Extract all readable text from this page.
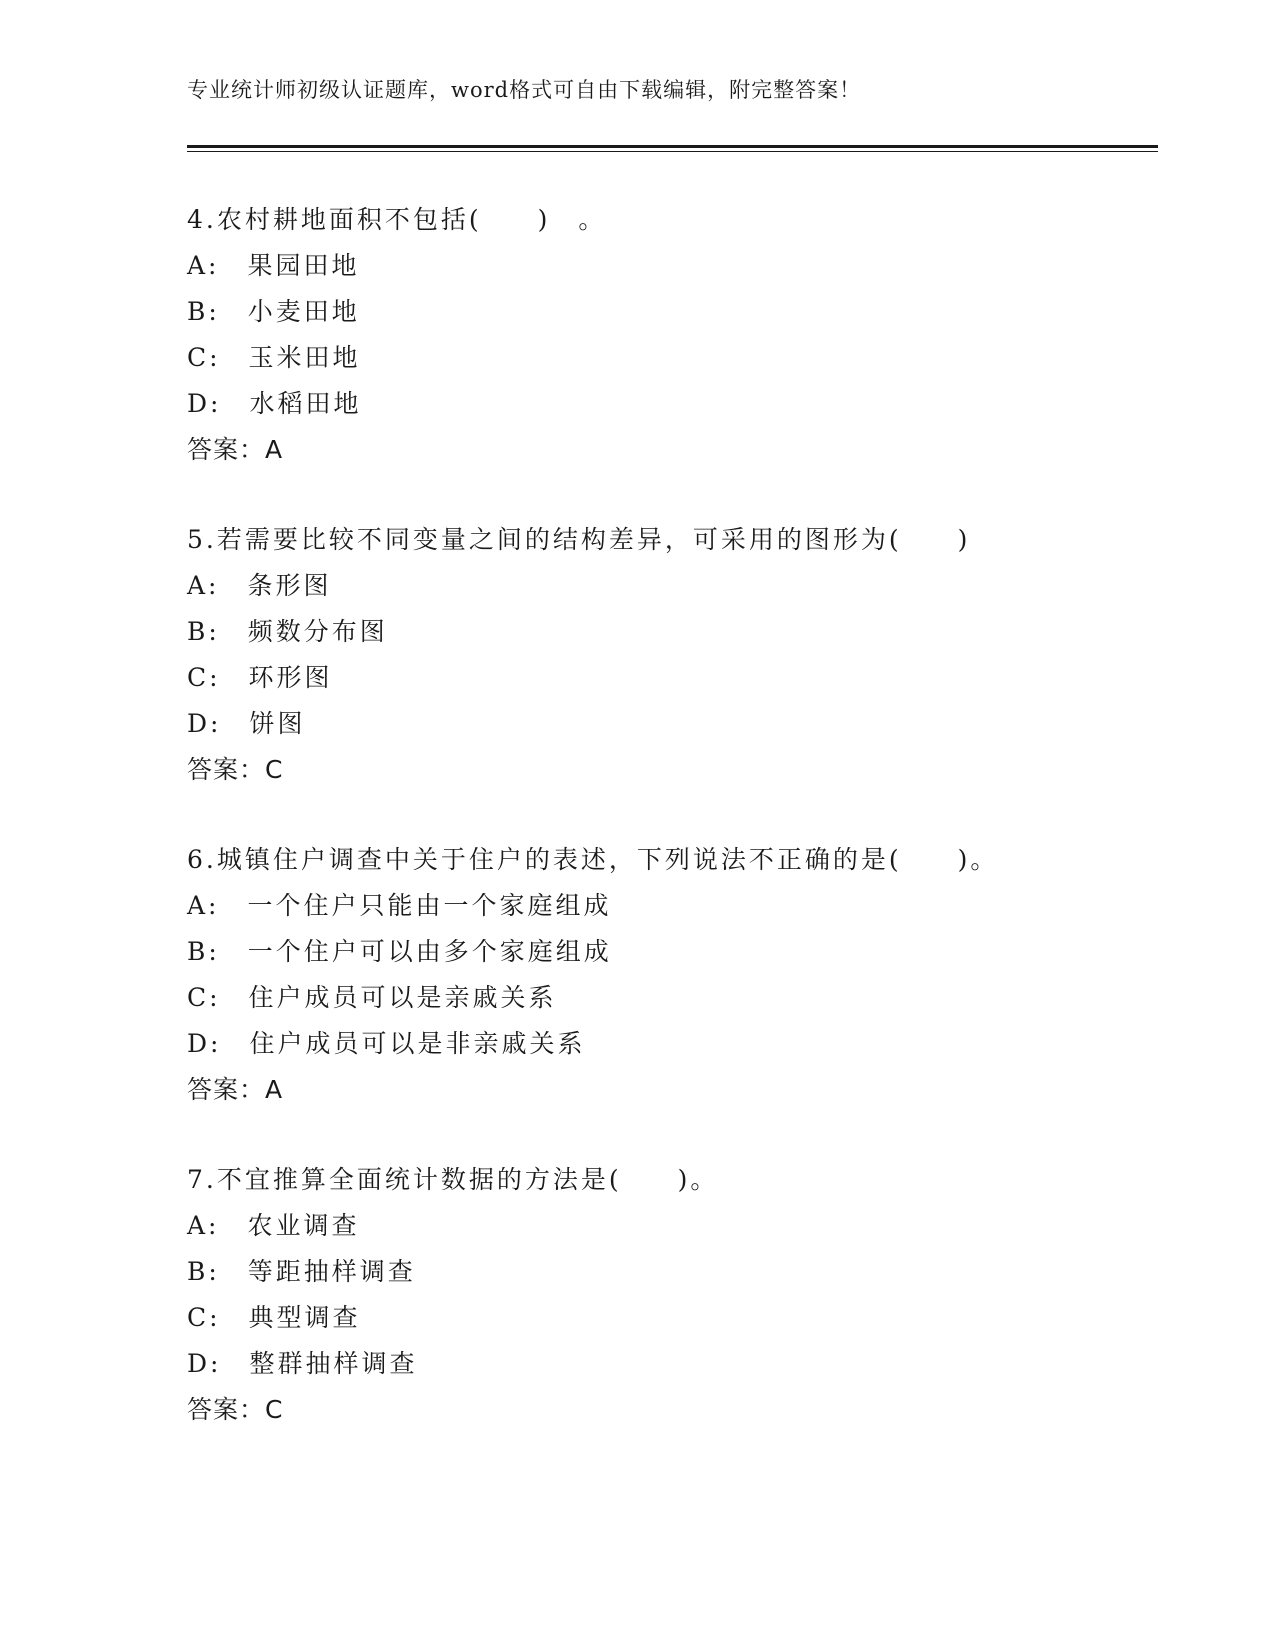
专业统计师初级认证题库，word格式可自由下载编辑，附完整答案！
4.农村耕地面积不包括(　　)　。
A:　果园田地
B:　小麦田地
C:　玉米田地
D:　水稻田地
答案：A
5.若需要比较不同变量之间的结构差异，可采用的图形为(　　)
A:　条形图
B:　频数分布图
C:　环形图
D:　饼图
答案：C
6.城镇住户调查中关于住户的表述，下列说法不正确的是(　　)。
A:　一个住户只能由一个家庭组成
B:　一个住户可以由多个家庭组成
C:　住户成员可以是亲戚关系
D:　住户成员可以是非亲戚关系
答案：A
7.不宜推算全面统计数据的方法是(　　)。
A:　农业调查
B:　等距抽样调查
C:　典型调查
D:　整群抽样调查
答案：C
